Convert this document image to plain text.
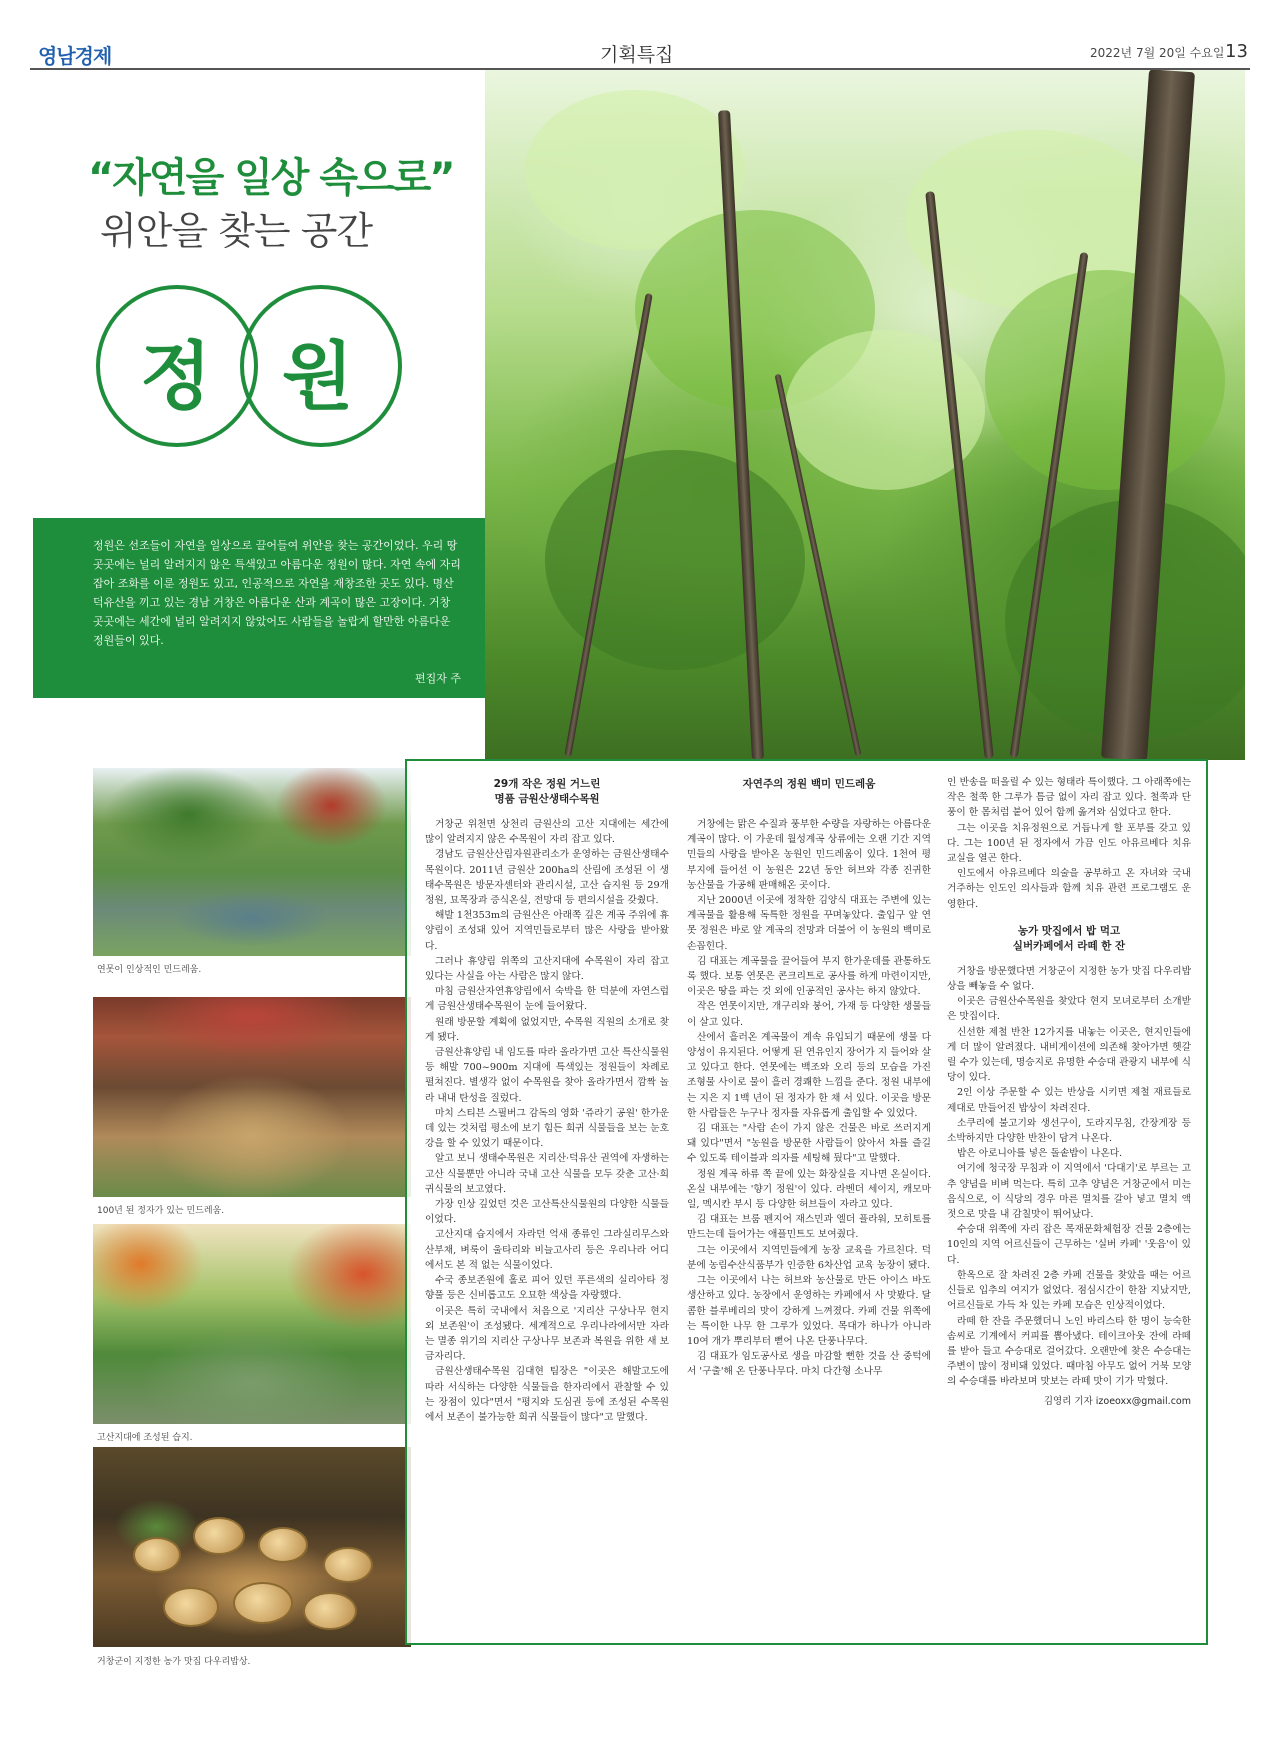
영남경제	기획특집	2022년 7월 20일 수요일 13
“자연을 일상 속으로”
위안을 찾는 공간
정 원
정원은 선조들이 자연을 일상으로 끌어들여 위안을 찾는 공간이었다. 우리 땅 곳곳에는 널리 알려지지 않은 특색있고 아름다운 정원이 많다. 자연 속에 자리 잡아 조화를 이룬 정원도 있고, 인공적으로 자연을 재창조한 곳도 있다. 명산 덕유산을 끼고 있는 경남 거창은 아름다운 산과 계곡이 많은 고장이다. 거창 곳곳에는 세간에 널리 알려지지 않았어도 사람들을 놀랍게 할만한 아름다운 정원들이 있다.
편집자 주
연못이 인상적인 민드레움.
100년 된 정자가 있는 민드레움.
고산지대에 조성된 습지.
거창군이 지정한 농가 맛집 다우리밥상.
29개 작은 정원 거느린
명품 금원산생태수목원

거창군 위천면 상천리 금원산의 고산 지대에는 세간에 많이 알려지지 않은 수목원이 자리 잡고 있다.

경남도 금원산산림자원관리소가 운영하는 금원산생태수목원이다. 2011년 금원산 200ha의 산림에 조성된 이 생태수목원은 방문자센터와 관리시설, 고산 습지원 등 29개 정원, 묘목장과 증식온실, 전망대 등 편의시설을 갖췄다.

해발 1천353m의 금원산은 아래쪽 깊은 계곡 주위에 휴양림이 조성돼 있어 지역민들로부터 많은 사랑을 받아왔다.

그러나 휴양림 위쪽의 고산지대에 수목원이 자리 잡고 있다는 사실을 아는 사람은 많지 않다.

마침 금원산자연휴양림에서 숙박을 한 덕분에 자연스럽게 금원산생태수목원이 눈에 들어왔다.

원래 방문할 계획에 없었지만, 수목원 직원의 소개로 찾게 됐다.

금원산휴양림 내 임도를 따라 올라가면 고산 특산식물원 등 해발 700~900m 지대에 특색있는 정원들이 차례로 펼쳐진다. 별생각 없이 수목원을 찾아 올라가면서 깜짝 놀라 내내 탄성을 질렀다.

마치 스티븐 스필버그 감독의 영화 '쥬라기 공원' 한가운데 있는 것처럼 평소에 보기 힘든 희귀 식물들을 보는 눈호강을 할 수 있었기 때문이다.

알고 보니 생태수목원은 지리산·덕유산 권역에 자생하는 고산 식물뿐만 아니라 국내 고산 식물을 모두 갖춘 고산·희귀식물의 보고였다.

가장 인상 깊었던 것은 고산특산식물원의 다양한 식물들이었다.

고산지대 습지에서 자라던 억새 종류인 그라실리무스와 산부채, 벼룩이 울타리와 비늘고사리 등은 우리나라 어디에서도 본 적 없는 식물이었다.

수국 종보존원에 홀로 피어 있던 푸른색의 실리아타 정향풀 등은 신비롭고도 오묘한 색상을 자랑했다.

이곳은 특히 국내에서 처음으로 '지리산 구상나무 현지 외 보존원'이 조성됐다. 세계적으로 우리나라에서만 자라는 멸종 위기의 지리산 구상나무 보존과 복원을 위한 새 보금자리다.

금원산생태수목원 김대현 팀장은 "이곳은 해발고도에 따라 서식하는 다양한 식물들을 한자리에서 관찰할 수 있는 장점이 있다"면서 "평지와 도심권 등에 조성된 수목원에서 보존이 불가능한 희귀 식물들이 많다"고 말했다.

자연주의 정원 백미 민드레움

거창에는 맑은 수질과 풍부한 수량을 자랑하는 아름다운 계곡이 많다. 이 가운데 월성계곡 상류에는 오랜 기간 지역민들의 사랑을 받아온 농원인 민드레움이 있다. 1천여 평 부지에 들어선 이 농원은 22년 동안 허브와 각종 진귀한 농산물을 가공해 판매해온 곳이다.

지난 2000년 이곳에 정착한 김양식 대표는 주변에 있는 계곡물을 활용해 독특한 정원을 꾸며놓았다. 출입구 앞 연못 정원은 바로 앞 계곡의 전망과 더불어 이 농원의 백미로 손꼽힌다.

김 대표는 계곡물을 끌어들여 부지 한가운데를 관통하도록 했다. 보통 연못은 콘크리트로 공사를 하게 마련이지만, 이곳은 땅을 파는 것 외에 인공적인 공사는 하지 않았다.

작은 연못이지만, 개구리와 붕어, 가재 등 다양한 생물들이 살고 있다.

산에서 흘러온 계곡물이 계속 유입되기 때문에 생물 다양성이 유지된다. 어떻게 된 연유인지 장어가 지 들어와 살고 있다고 한다. 연못에는 백조와 오리 등의 모습을 가진 조형물 사이로 물이 흘러 경쾌한 느낌을 준다. 정원 내부에는 지은 지 1백 년이 된 정자가 한 채 서 있다. 이곳을 방문한 사람들은 누구나 정자를 자유롭게 출입할 수 있었다.

김 대표는 "사람 손이 가지 않은 건물은 바로 쓰러지게 돼 있다"면서 "농원을 방문한 사람들이 앉아서 차를 즐길 수 있도록 테이블과 의자를 세팅해 뒀다"고 말했다.

정원 계곡 하류 쪽 끝에 있는 화장실을 지나면 온실이다. 온실 내부에는 '향기 정원'이 있다. 라벤더 세이지, 캐모마일, 멕시칸 부시 등 다양한 허브들이 자라고 있다.

김 대표는 브룸 펜지어 재스민과 엘더 플라워, 모히토를 만드는데 들어가는 애플민트도 보여줬다.

그는 이곳에서 지역민들에게 농장 교육을 가르친다. 덕분에 농림수산식품부가 인증한 6차산업 교육 농장이 됐다.

그는 이곳에서 나는 허브와 농산물로 만든 아이스 바도 생산하고 있다. 농장에서 운영하는 카페에서 사 맛봤다. 달콤한 블루베리의 맛이 강하게 느껴졌다. 카페 건물 위쪽에는 특이한 나무 한 그루가 있었다. 목대가 하나가 아니라 10여 개가 뿌리부터 뻗어 나온 단풍나무다.

김 대표가 임도공사로 생을 마감할 뻔한 것을 산 중턱에서 '구출'해 온 단풍나무다. 마치 다간형 소나무

인 반송을 떠올릴 수 있는 형태라 특이했다. 그 아래쪽에는 작은 철쭉 한 그루가 틈금 없이 자리 잡고 있다. 철쭉과 단풍이 한 몸처럼 붙어 있어 함께 옮겨와 심었다고 한다.

그는 이곳을 치유정원으로 거듭나게 할 포부를 갖고 있다. 그는 100년 된 정자에서 가끔 인도 아유르베다 치유 교실을 열곤 한다.

인도에서 아유르베다 의술을 공부하고 온 자녀와 국내 거주하는 인도인 의사들과 함께 치유 관련 프로그램도 운영한다.

농가 맛집에서 밥 먹고
실버카페에서 라떼 한 잔

거창을 방문했다면 거창군이 지정한 농가 맛집 다우리밥상을 빼놓을 수 없다.

이곳은 금원산수목원을 찾았다 현지 모녀로부터 소개받은 맛집이다.

신선한 제철 반찬 12가지를 내놓는 이곳은, 현지인들에게 더 많이 알려졌다. 내비게이션에 의존해 찾아가면 헷갈릴 수가 있는데, 명승지로 유명한 수승대 관광지 내부에 식당이 있다.

2인 이상 주문할 수 있는 반상을 시키면 제철 재료들로 제대로 만들어진 밥상이 차려진다.

소쿠리에 불고기와 생선구이, 도라지무침, 간장게장 등 소박하지만 다양한 반찬이 담겨 나온다.

밥은 아로니아를 넣은 돌솥밥이 나온다.

여기에 청국장 무침과 이 지역에서 '다대기'로 부르는 고추 양념을 비벼 먹는다. 특히 고추 양념은 거창군에서 미는 음식으로, 이 식당의 경우 마른 멸치를 갈아 넣고 멸치 액젓으로 맛을 내 감칠맛이 뛰어났다.

수승대 위쪽에 자리 잡은 목재문화체험장 건물 2층에는 10인의 지역 어르신들이 근무하는 '실버 카페' '웃음'이 있다.

한옥으로 잘 차려진 2층 카페 건물을 찾았을 때는 어르신들로 입추의 여지가 없었다. 점심시간이 한참 지났지만, 어르신들로 가득 차 있는 카페 모습은 인상적이었다.

라떼 한 잔을 주문했더니 노인 바리스타 한 명이 능숙한 솜씨로 기계에서 커피를 뽑아냈다. 테이크아웃 잔에 라떼를 받아 들고 수승대로 걸어갔다. 오랜만에 찾은 수승대는 주변이 많이 정비돼 있었다. 때마침 아무도 없어 거북 모양의 수승대를 바라보며 맛보는 라떼 맛이 기가 막혔다.

김영리 기자 izoeoxx@gmail.com
